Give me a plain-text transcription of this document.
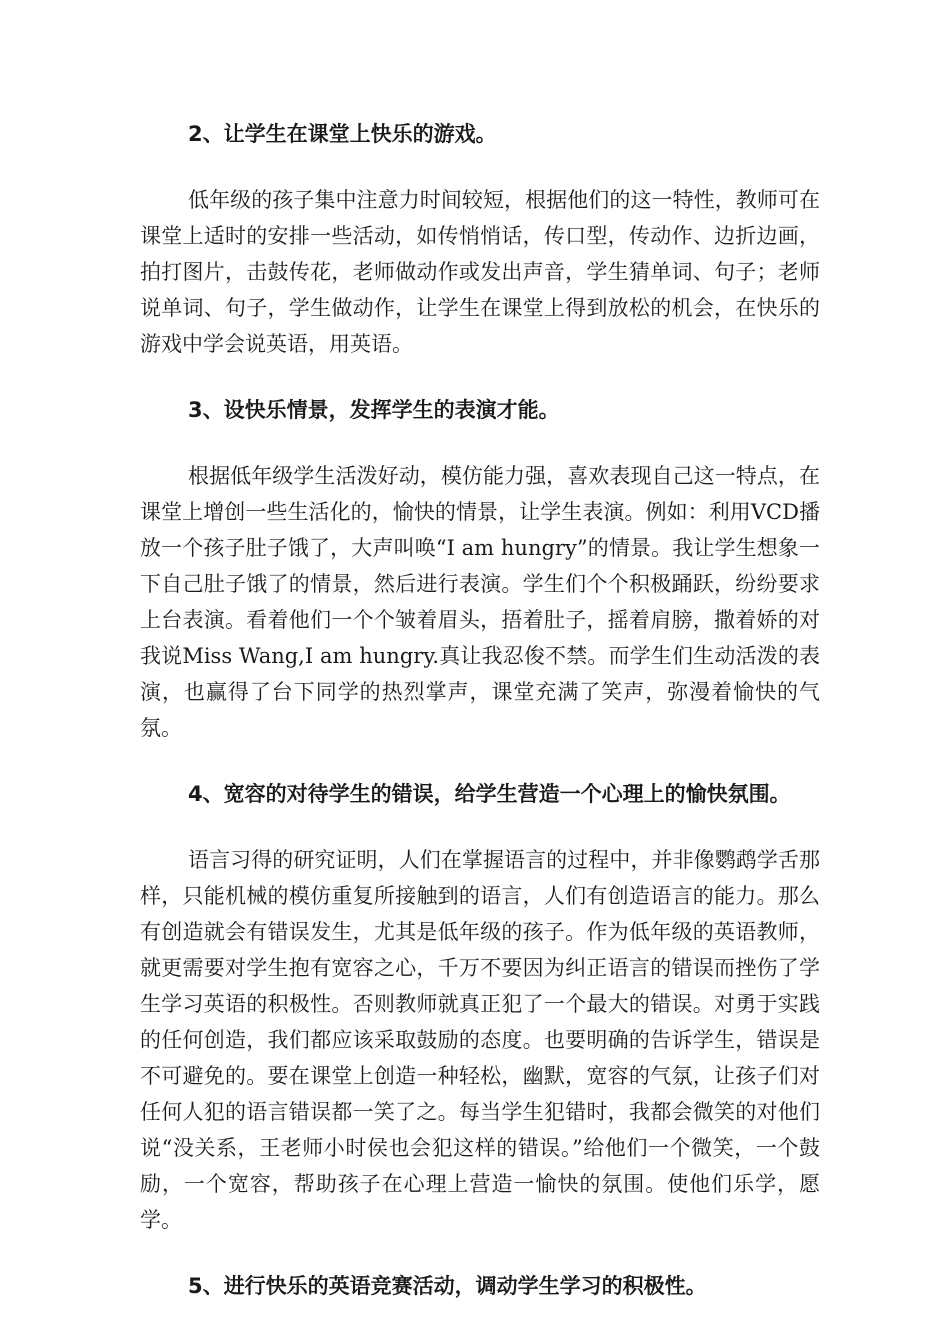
2、让学生在课堂上快乐的游戏。

低年级的孩子集中注意力时间较短，根据他们的这一特性，教师可在课堂上适时的安排一些活动，如传悄悄话，传口型，传动作、边折边画，拍打图片，击鼓传花，老师做动作或发出声音，学生猜单词、句子；老师说单词、句子，学生做动作，让学生在课堂上得到放松的机会，在快乐的游戏中学会说英语，用英语。

3、设快乐情景，发挥学生的表演才能。

根据低年级学生活泼好动，模仿能力强，喜欢表现自己这一特点，在课堂上增创一些生活化的，愉快的情景，让学生表演。例如：利用VCD播放一个孩子肚子饿了，大声叫唤“I am hungry”的情景。我让学生想象一下自己肚子饿了的情景，然后进行表演。学生们个个积极踊跃，纷纷要求上台表演。看着他们一个个皱着眉头，捂着肚子，摇着肩膀，撒着娇的对我说Miss Wang,I am hungry.真让我忍俊不禁。而学生们生动活泼的表演，也赢得了台下同学的热烈掌声，课堂充满了笑声，弥漫着愉快的气氛。

4、宽容的对待学生的错误，给学生营造一个心理上的愉快氛围。

语言习得的研究证明，人们在掌握语言的过程中，并非像鹦鹉学舌那样，只能机械的模仿重复所接触到的语言，人们有创造语言的能力。那么有创造就会有错误发生，尤其是低年级的孩子。作为低年级的英语教师，就更需要对学生抱有宽容之心，千万不要因为纠正语言的错误而挫伤了学生学习英语的积极性。否则教师就真正犯了一个最大的错误。对勇于实践的任何创造，我们都应该采取鼓励的态度。也要明确的告诉学生，错误是不可避免的。要在课堂上创造一种轻松，幽默，宽容的气氛，让孩子们对任何人犯的语言错误都一笑了之。每当学生犯错时，我都会微笑的对他们说“没关系，王老师小时侯也会犯这样的错误。”给他们一个微笑，一个鼓励，一个宽容，帮助孩子在心理上营造一愉快的氛围。使他们乐学，愿学。

5、进行快乐的英语竞赛活动，调动学生学习的积极性。
